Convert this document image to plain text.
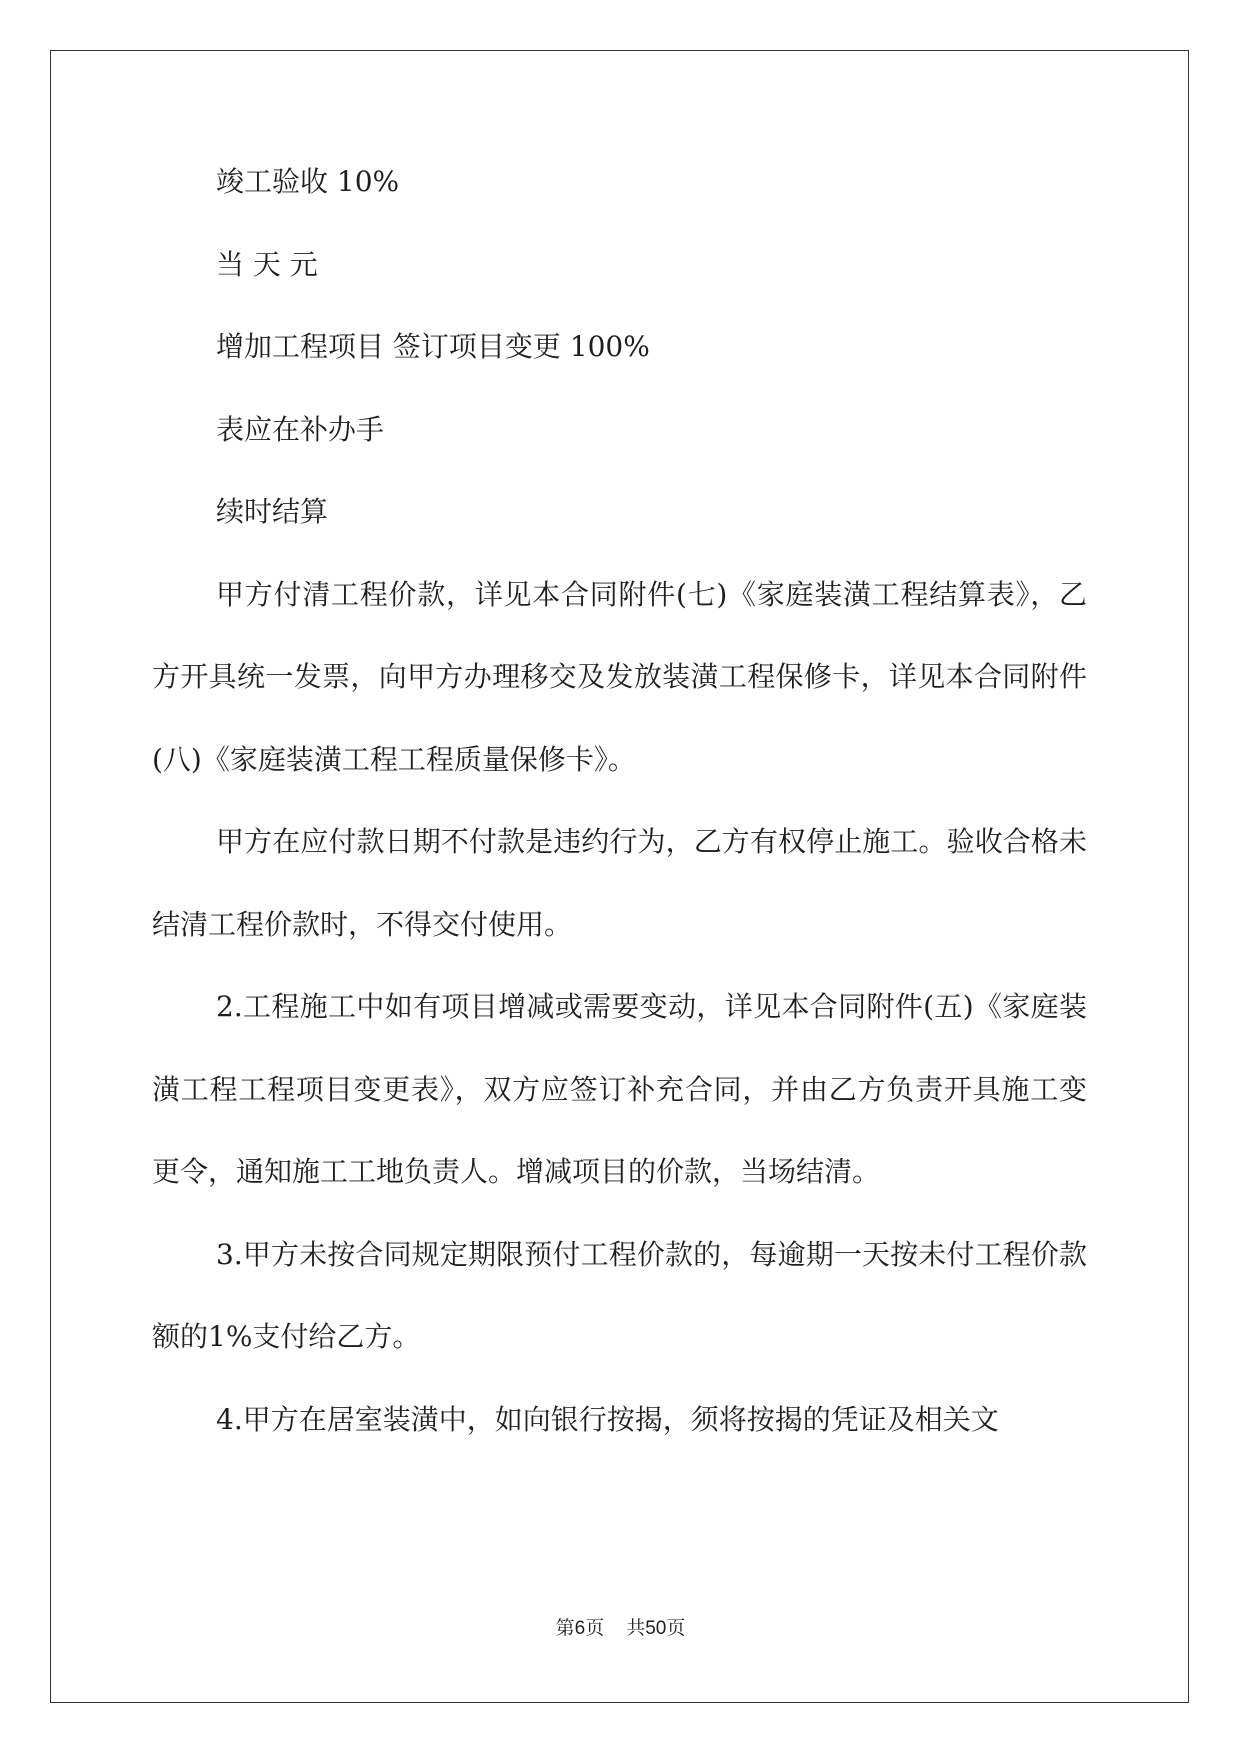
竣工验收 10%

当 天 元

增加工程项目 签订项目变更 100%

表应在补办手

续时结算

甲方付清工程价款，详见本合同附件(七)《家庭装潢工程结算表》，乙方开具统一发票，向甲方办理移交及发放装潢工程保修卡，详见本合同附件(八)《家庭装潢工程工程质量保修卡》。

甲方在应付款日期不付款是违约行为，乙方有权停止施工。验收合格未结清工程价款时，不得交付使用。

2.工程施工中如有项目增减或需要变动，详见本合同附件(五)《家庭装潢工程工程项目变更表》，双方应签订补充合同，并由乙方负责开具施工变更令，通知施工工地负责人。增减项目的价款，当场结清。

3.甲方未按合同规定期限预付工程价款的，每逾期一天按未付工程价款额的1%支付给乙方。

4.甲方在居室装潢中，如向银行按揭，须将按揭的凭证及相关文

第6页 共50页
